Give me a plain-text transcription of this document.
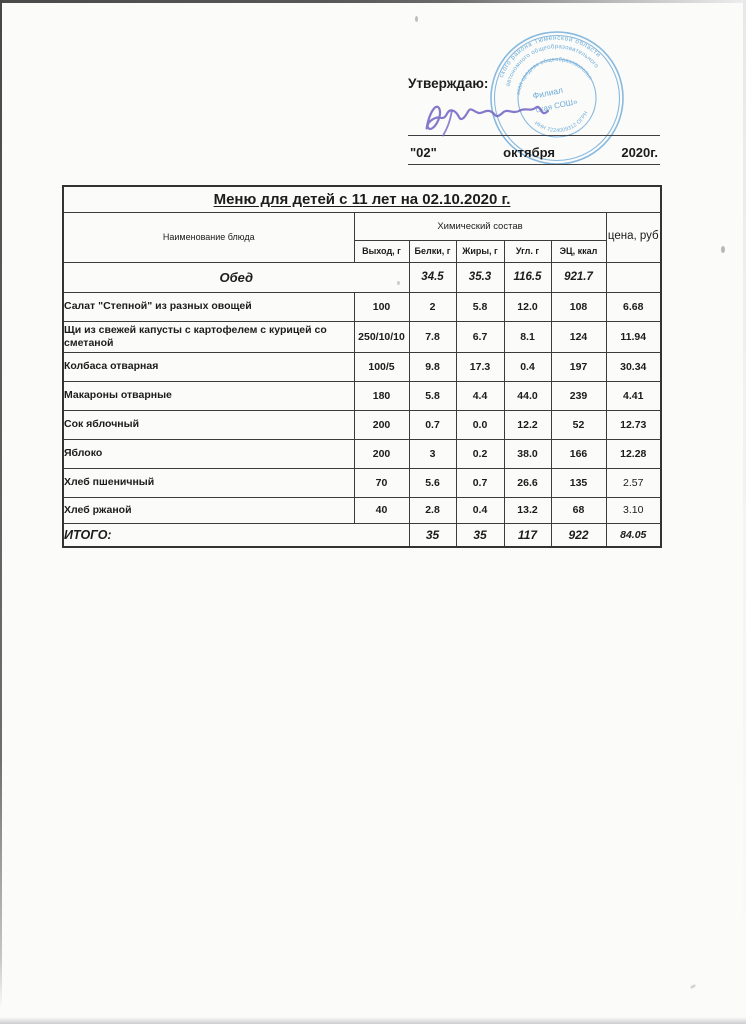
ского района Тюменской области
автономного общеобразовательного
ская средняя общеобразовательн
ИНН 7224009312 ОГРН
Филиал
ская СОШ»
Утверждаю:
"02"	октября	2020г.
Меню для детей с 11 лет на 02.10.2020 г.						
Наименование блюда	Химический состав					цена, руб
	Выход, г	Белки, г	Жиры, г	Угл. г	ЭЦ, ккал	
Обед		34.5	35.3	116.5	921.7	
Салат "Степной" из разных овощей	100	2	5.8	12.0	108	6.68
Щи из свежей капусты с картофелем с курицей со сметаной	250/10/10	7.8	6.7	8.1	124	11.94
Колбаса отварная	100/5	9.8	17.3	0.4	197	30.34
Макароны отварные	180	5.8	4.4	44.0	239	4.41
Сок яблочный	200	0.7	0.0	12.2	52	12.73
Яблоко	200	3	0.2	38.0	166	12.28
Хлеб пшеничный	70	5.6	0.7	26.6	135	2.57
Хлеб ржаной	40	2.8	0.4	13.2	68	3.10
ИТОГО:		35	35	117	922	84.05
